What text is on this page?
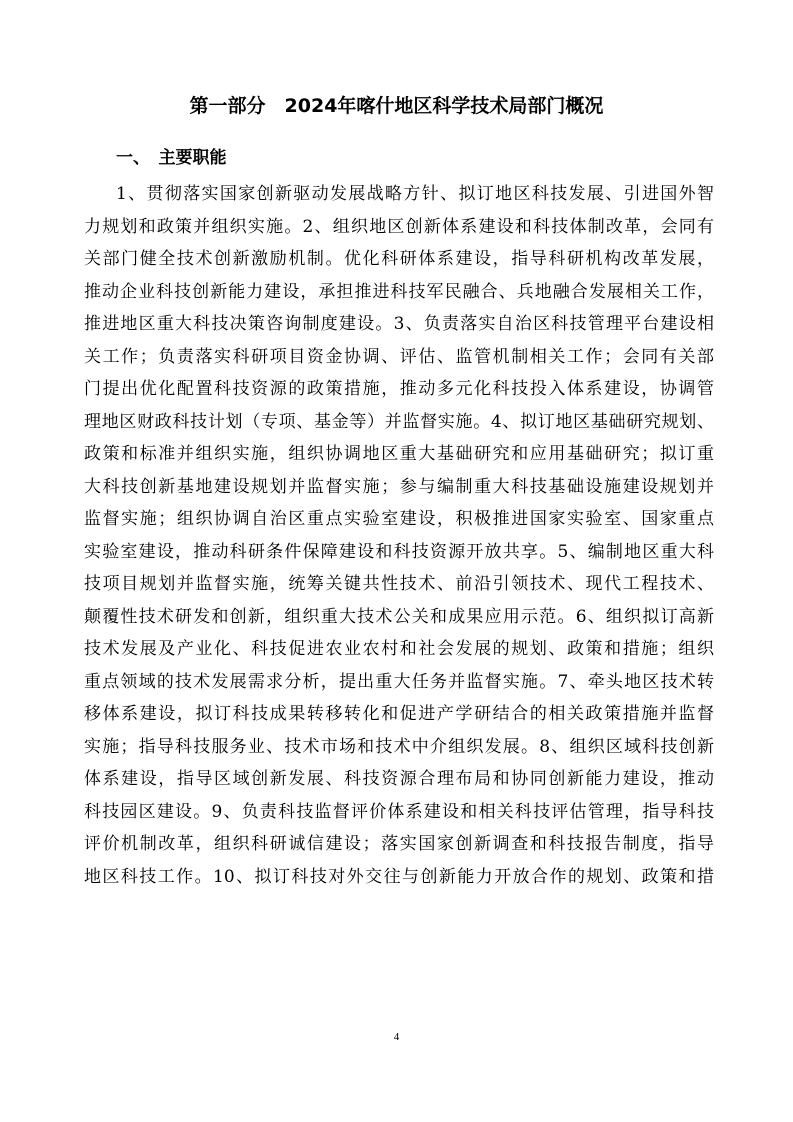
第一部分　2024年喀什地区科学技术局部门概况
一、　主要职能
1、贯彻落实国家创新驱动发展战略方针、拟订地区科技发展、引进国外智
力规划和政策并组织实施。2、组织地区创新体系建设和科技体制改革，会同有
关部门健全技术创新激励机制。优化科研体系建设，指导科研机构改革发展，
推动企业科技创新能力建设，承担推进科技军民融合、兵地融合发展相关工作，
推进地区重大科技决策咨询制度建设。3、负责落实自治区科技管理平台建设相
关工作；负责落实科研项目资金协调、评估、监管机制相关工作；会同有关部
门提出优化配置科技资源的政策措施，推动多元化科技投入体系建设，协调管
理地区财政科技计划（专项、基金等）并监督实施。4、拟订地区基础研究规划、
政策和标准并组织实施，组织协调地区重大基础研究和应用基础研究；拟订重
大科技创新基地建设规划并监督实施；参与编制重大科技基础设施建设规划并
监督实施；组织协调自治区重点实验室建设，积极推进国家实验室、国家重点
实验室建设，推动科研条件保障建设和科技资源开放共享。5、编制地区重大科
技项目规划并监督实施，统筹关键共性技术、前沿引领技术、现代工程技术、
颠覆性技术研发和创新，组织重大技术公关和成果应用示范。6、组织拟订高新
技术发展及产业化、科技促进农业农村和社会发展的规划、政策和措施；组织
重点领域的技术发展需求分析，提出重大任务并监督实施。7、牵头地区技术转
移体系建设，拟订科技成果转移转化和促进产学研结合的相关政策措施并监督
实施；指导科技服务业、技术市场和技术中介组织发展。8、组织区域科技创新
体系建设，指导区域创新发展、科技资源合理布局和协同创新能力建设，推动
科技园区建设。9、负责科技监督评价体系建设和相关科技评估管理，指导科技
评价机制改革，组织科研诚信建设；落实国家创新调查和科技报告制度，指导
地区科技工作。10、拟订科技对外交往与创新能力开放合作的规划、政策和措
4
